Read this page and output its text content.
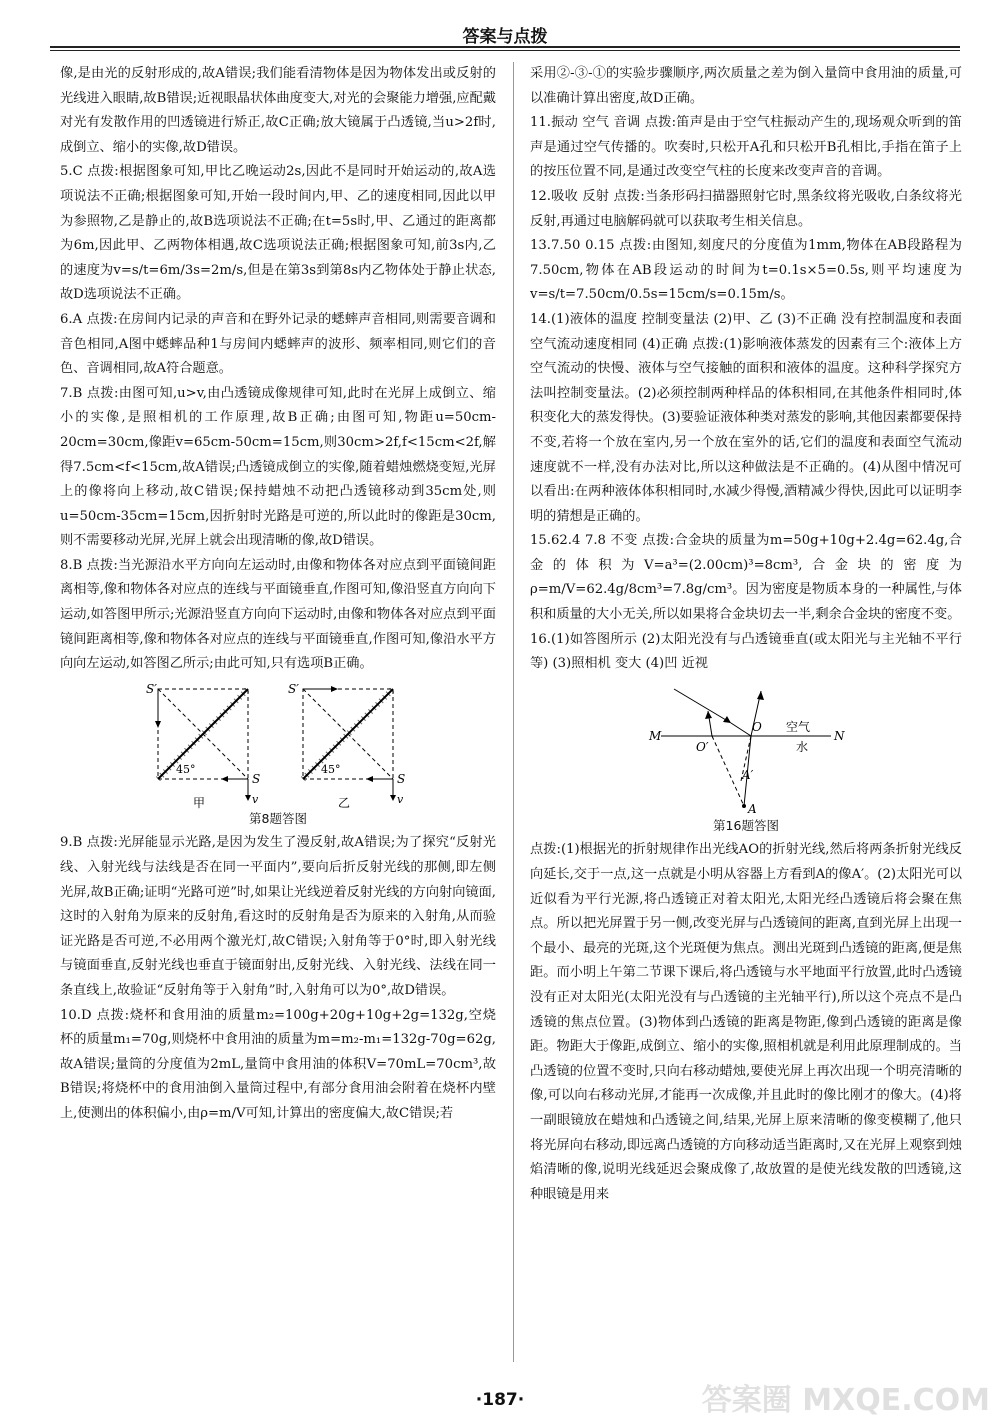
答案与点拨

像,是由光的反射形成的,故A错误;我们能看清物体是因为物体发出或反射的光线进入眼睛,故B错误;近视眼晶状体曲度变大,对光的会聚能力增强,应配戴对光有发散作用的凹透镜进行矫正,故C正确;放大镜属于凸透镜,当u>2f时,成倒立、缩小的实像,故D错误。

5.C 点拨:根据图象可知,甲比乙晚运动2s,因此不是同时开始运动的,故A选项说法不正确;根据图象可知,开始一段时间内,甲、乙的速度相同,因此以甲为参照物,乙是静止的,故B选项说法不正确;在t=5s时,甲、乙通过的距离都为6m,因此甲、乙两物体相遇,故C选项说法正确;根据图象可知,前3s内,乙的速度为v=s/t=6m/3s=2m/s,但是在第3s到第8s内乙物体处于静止状态,故D选项说法不正确。

6.A 点拨:在房间内记录的声音和在野外记录的蟋蟀声音相同,则需要音调和音色相同,A图中蟋蟀品种1与房间内蟋蟀声的波形、频率相同,则它们的音色、音调相同,故A符合题意。

7.B 点拨:由图可知,u>v,由凸透镜成像规律可知,此时在光屏上成倒立、缩小的实像,是照相机的工作原理,故B正确;由图可知,物距u=50cm-20cm=30cm,像距v=65cm-50cm=15cm,则30cm>2f,f<15cm<2f,解得7.5cm<f<15cm,故A错误;凸透镜成倒立的实像,随着蜡烛燃烧变短,光屏上的像将向上移动,故C错误;保持蜡烛不动把凸透镜移动到35cm处,则u=50cm-35cm=15cm,因折射时光路是可逆的,所以此时的像距是30cm,则不需要移动光屏,光屏上就会出现清晰的像,故D错误。

8.B 点拨:当光源沿水平方向向左运动时,由像和物体各对应点到平面镜间距离相等,像和物体各对应点的连线与平面镜垂直,作图可知,像沿竖直方向向下运动,如答图甲所示;光源沿竖直方向向下运动时,由像和物体各对应点到平面镜间距离相等,像和物体各对应点的连线与平面镜垂直,作图可知,像沿水平方向向左运动,如答图乙所示;由此可知,只有选项B正确。

S′
S
v
45°
甲
S′
S
v
45°
乙
第8题答图

9.B 点拨:光屏能显示光路,是因为发生了漫反射,故A错误;为了探究“反射光线、入射光线与法线是否在同一平面内”,要向后折反射光线的那侧,即左侧光屏,故B正确;证明“光路可逆”时,如果让光线逆着反射光线的方向射向镜面,这时的入射角为原来的反射角,看这时的反射角是否为原来的入射角,从而验证光路是否可逆,不必用两个激光灯,故C错误;入射角等于0°时,即入射光线与镜面垂直,反射光线也垂直于镜面射出,反射光线、入射光线、法线在同一条直线上,故验证“反射角等于入射角”时,入射角可以为0°,故D错误。

10.D 点拨:烧杯和食用油的质量m₂=100g+20g+10g+2g=132g,空烧杯的质量m₁=70g,则烧杯中食用油的质量为m=m₂-m₁=132g-70g=62g,故A错误;量筒的分度值为2mL,量筒中食用油的体积V=70mL=70cm³,故B错误;将烧杯中的食用油倒入量筒过程中,有部分食用油会附着在烧杯内壁上,使测出的体积偏小,由ρ=m/V可知,计算出的密度偏大,故C错误;若

采用②-③-①的实验步骤顺序,两次质量之差为倒入量筒中食用油的质量,可以准确计算出密度,故D正确。

11.振动 空气 音调 点拨:笛声是由于空气柱振动产生的,现场观众听到的笛声是通过空气传播的。吹奏时,只松开A孔和只松开B孔相比,手指在笛子上的按压位置不同,是通过改变空气柱的长度来改变声音的音调。

12.吸收 反射 点拨:当条形码扫描器照射它时,黑条纹将光吸收,白条纹将光反射,再通过电脑解码就可以获取考生相关信息。

13.7.50 0.15 点拨:由图知,刻度尺的分度值为1mm,物体在AB段路程为7.50cm,物体在AB段运动的时间为t=0.1s×5=0.5s,则平均速度为v=s/t=7.50cm/0.5s=15cm/s=0.15m/s。

14.(1)液体的温度 控制变量法 (2)甲、乙 (3)不正确 没有控制温度和表面空气流动速度相同 (4)正确 点拨:(1)影响液体蒸发的因素有三个:液体上方空气流动的快慢、液体与空气接触的面积和液体的温度。这种科学探究方法叫控制变量法。(2)必须控制两种样品的体积相同,在其他条件相同时,体积变化大的蒸发得快。(3)要验证液体种类对蒸发的影响,其他因素都要保持不变,若将一个放在室内,另一个放在室外的话,它们的温度和表面空气流动速度就不一样,没有办法对比,所以这种做法是不正确的。(4)从图中情况可以看出:在两种液体体积相同时,水减少得慢,酒精减少得快,因此可以证明李明的猜想是正确的。

15.62.4 7.8 不变 点拨:合金块的质量为m=50g+10g+2.4g=62.4g,合金的体积为V=a³=(2.00cm)³=8cm³,合金块的密度为ρ=m/V=62.4g/8cm³=7.8g/cm³。因为密度是物质本身的一种属性,与体积和质量的大小无关,所以如果将合金块切去一半,剩余合金块的密度不变。

16.(1)如答图所示 (2)太阳光没有与凸透镜垂直(或太阳光与主光轴不平行等) (3)照相机 变大 (4)凹 近视

M	N
O
O′
空气
水
A′
A
第16题答图

点拨:(1)根据光的折射规律作出光线AO的折射光线,然后将两条折射光线反向延长,交于一点,这一点就是小明从容器上方看到A的像A′。(2)太阳光可以近似看为平行光源,将凸透镜正对着太阳光,太阳光经凸透镜后将会聚在焦点。所以把光屏置于另一侧,改变光屏与凸透镜间的距离,直到光屏上出现一个最小、最亮的光斑,这个光斑便为焦点。测出光斑到凸透镜的距离,便是焦距。而小明上午第二节课下课后,将凸透镜与水平地面平行放置,此时凸透镜没有正对太阳光(太阳光没有与凸透镜的主光轴平行),所以这个亮点不是凸透镜的焦点位置。(3)物体到凸透镜的距离是物距,像到凸透镜的距离是像距。物距大于像距,成倒立、缩小的实像,照相机就是利用此原理制成的。当凸透镜的位置不变时,只向右移动蜡烛,要使光屏上再次出现一个明亮清晰的像,可以向右移动光屏,才能再一次成像,并且此时的像比刚才的像大。(4)将一副眼镜放在蜡烛和凸透镜之间,结果,光屏上原来清晰的像变模糊了,他只将光屏向右移动,即远离凸透镜的方向移动适当距离时,又在光屏上观察到烛焰清晰的像,说明光线延迟会聚成像了,故放置的是使光线发散的凹透镜,这种眼镜是用来

·187·	答案圈 MXQE.COM
